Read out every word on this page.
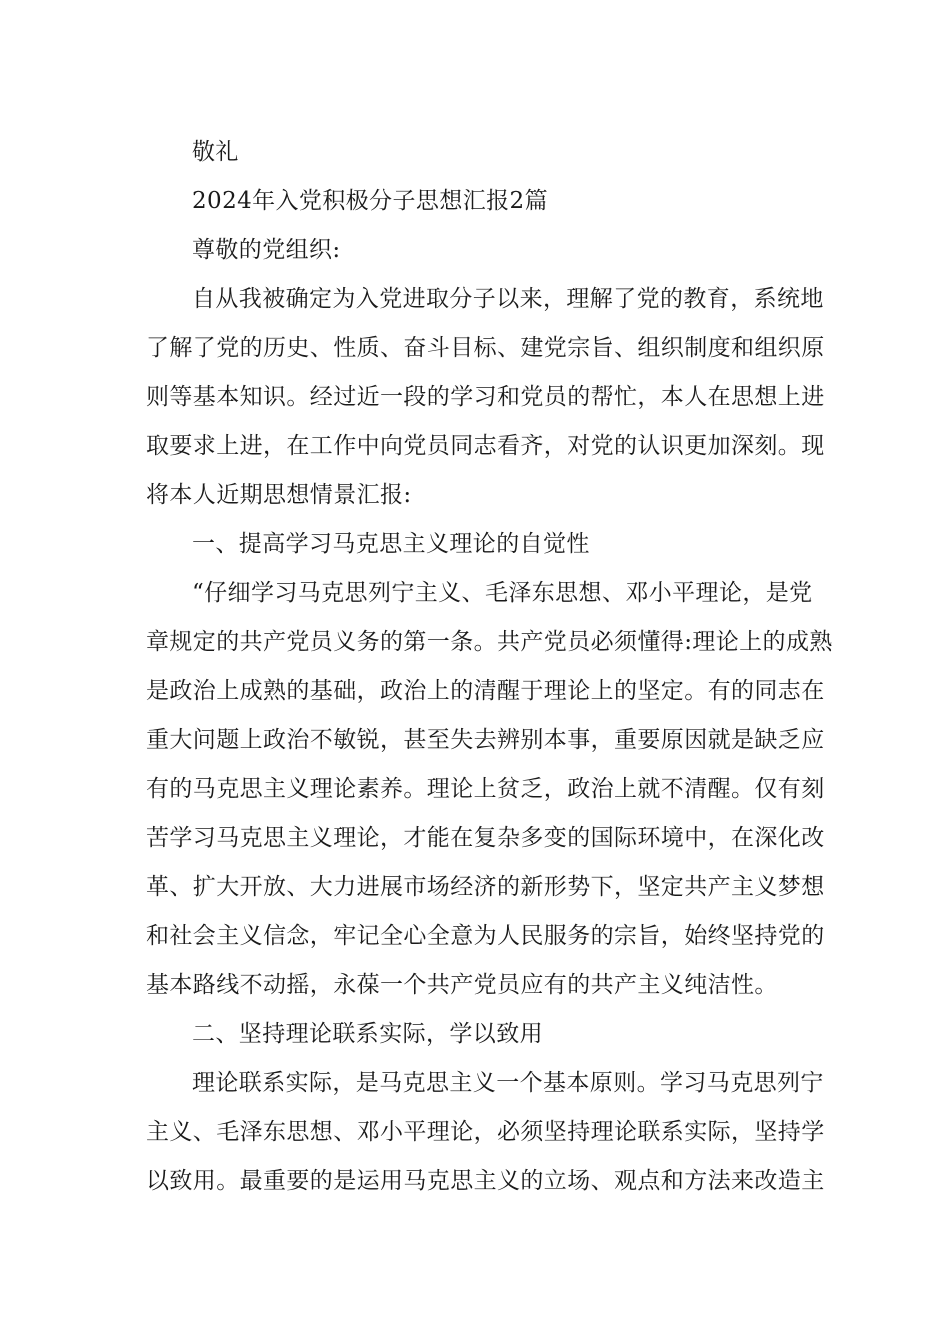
敬礼
2024年入党积极分子思想汇报2篇
尊敬的党组织:
自从我被确定为入党进取分子以来，理解了党的教育，系统地
了解了党的历史、性质、奋斗目标、建党宗旨、组织制度和组织原
则等基本知识。经过近一段的学习和党员的帮忙，本人在思想上进
取要求上进，在工作中向党员同志看齐，对党的认识更加深刻。现
将本人近期思想情景汇报:
一、提高学习马克思主义理论的自觉性
“仔细学习马克思列宁主义、毛泽东思想、邓小平理论，是党
章规定的共产党员义务的第一条。共产党员必须懂得:理论上的成熟
是政治上成熟的基础，政治上的清醒于理论上的坚定。有的同志在
重大问题上政治不敏锐，甚至失去辨别本事，重要原因就是缺乏应
有的马克思主义理论素养。理论上贫乏，政治上就不清醒。仅有刻
苦学习马克思主义理论，才能在复杂多变的国际环境中，在深化改
革、扩大开放、大力进展市场经济的新形势下，坚定共产主义梦想
和社会主义信念，牢记全心全意为人民服务的宗旨，始终坚持党的
基本路线不动摇，永葆一个共产党员应有的共产主义纯洁性。
二、坚持理论联系实际，学以致用
理论联系实际，是马克思主义一个基本原则。学习马克思列宁
主义、毛泽东思想、邓小平理论，必须坚持理论联系实际，坚持学
以致用。最重要的是运用马克思主义的立场、观点和方法来改造主
